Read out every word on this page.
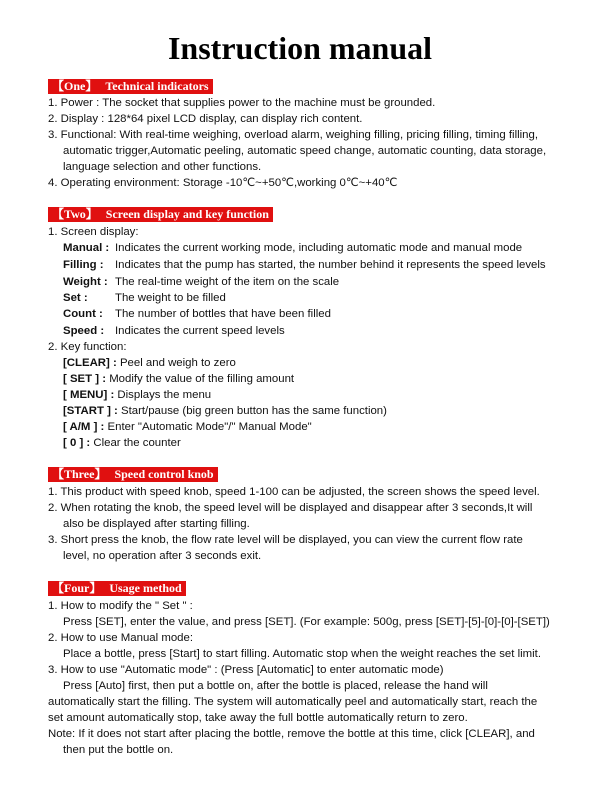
Instruction manual
【One】 Technical indicators
1. Power : The socket that supplies power to the machine must be grounded.
2. Display : 128*64 pixel LCD display, can display rich content.
3. Functional: With real-time weighing, overload alarm, weighing filling, pricing filling, timing filling,
automatic trigger,Automatic peeling, automatic speed change, automatic counting, data storage,
language selection and other functions.
4. Operating environment: Storage -10℃~+50℃,working 0℃~+40℃
【Two】 Screen display and key function
1. Screen display:
Manual : Indicates the current working mode, including automatic mode and manual mode
Filling : Indicates that the pump has started, the number behind it represents the speed levels
Weight : The real-time weight of the item on the scale
Set : The weight to be filled
Count : The number of bottles that have been filled
Speed : Indicates the current speed levels
2. Key function:
[CLEAR] : Peel and weigh to zero
[ SET ] : Modify the value of the filling amount
[ MENU] : Displays the menu
[START ] : Start/pause (big green button has the same function)
[ A/M ] : Enter "Automatic Mode"/" Manual Mode"
[ 0 ] : Clear the counter
【Three】 Speed control knob
1. This product with speed knob, speed 1-100 can be adjusted, the screen shows the speed level.
2. When rotating the knob, the speed level will be displayed and disappear after 3 seconds,It will
also be displayed after starting filling.
3. Short press the knob, the flow rate level will be displayed, you can view the current flow rate
level, no operation after 3 seconds exit.
【Four】 Usage method
1. How to modify the " Set " :
Press [SET], enter the value, and press [SET]. (For example: 500g, press [SET]-[5]-[0]-[0]-[SET])
2. How to use Manual mode:
Place a bottle, press [Start] to start filling. Automatic stop when the weight reaches the set limit.
3. How to use "Automatic mode" : (Press [Automatic] to enter automatic mode)
Press [Auto] first, then put a bottle on, after the bottle is placed, release the hand will
automatically start the filling. The system will automatically peel and automatically start, reach the
set amount automatically stop, take away the full bottle automatically return to zero.
Note: If it does not start after placing the bottle, remove the bottle at this time, click [CLEAR], and
then put the bottle on.
